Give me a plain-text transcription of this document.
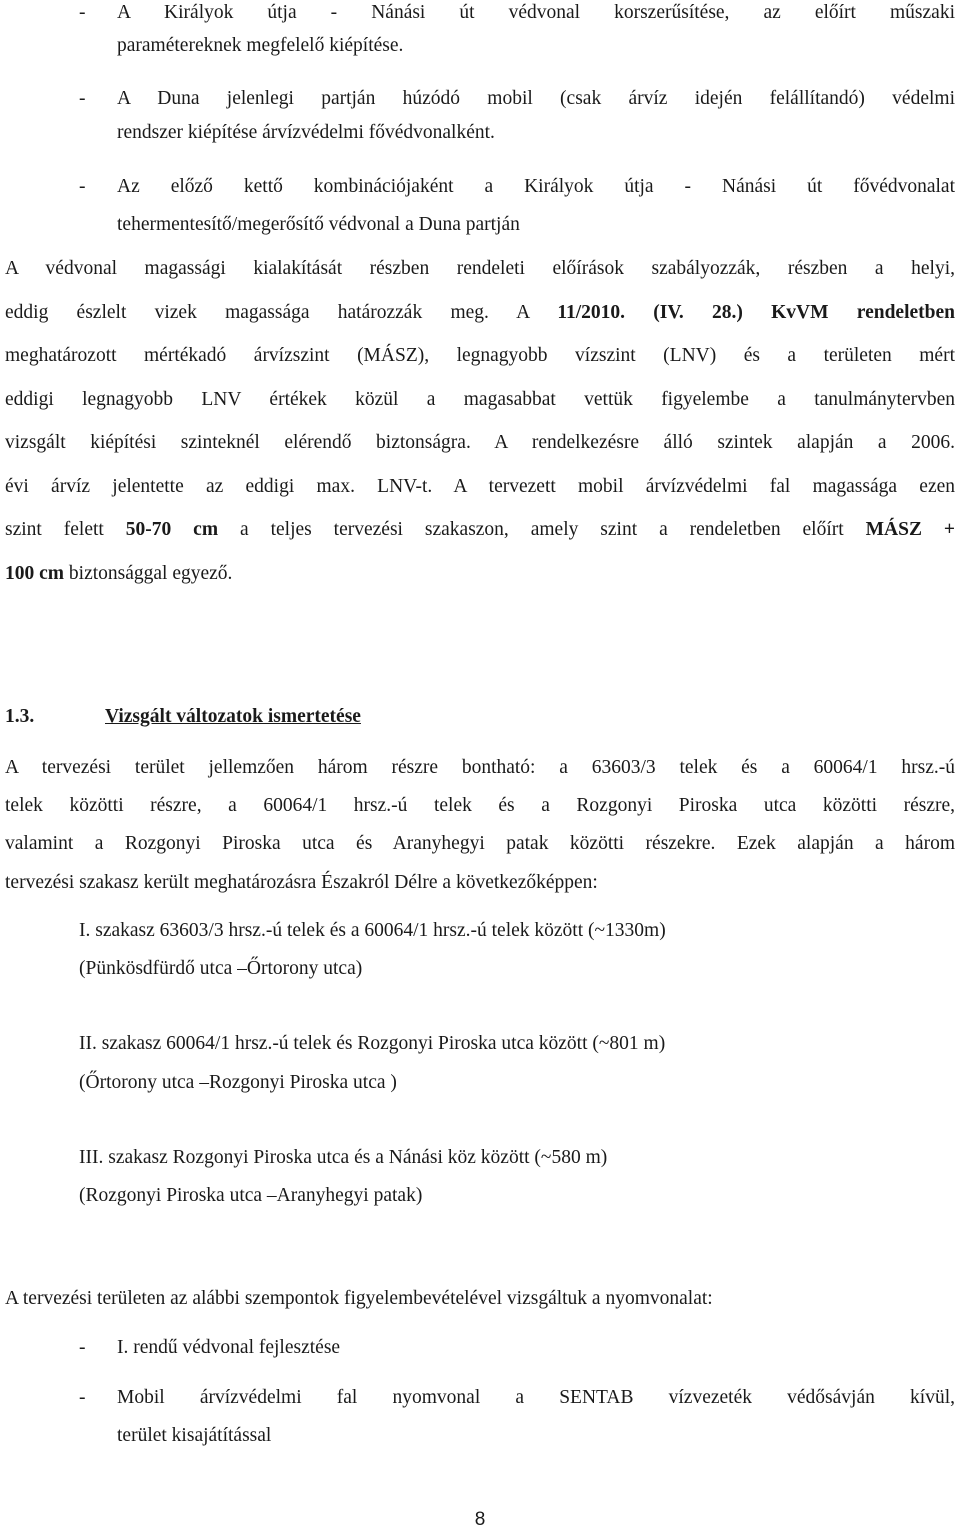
-	A Királyok útja - Nánási út védvonal korszerűsítése, az előírt műszaki
paramétereknek megfelelő kiépítése.
-	A Duna jelenlegi partján húzódó mobil (csak árvíz idején felállítandó) védelmi
rendszer kiépítése árvízvédelmi fővédvonalként.
-	Az előző kettő kombinációjaként a Királyok útja - Nánási út fővédvonalat
tehermentesítő/megerősítő védvonal a Duna partján
A védvonal magassági kialakítását részben rendeleti előírások szabályozzák, részben a helyi,
eddig észlelt vizek magassága határozzák meg. A 11/2010. (IV. 28.) KvVM rendeletben
meghatározott mértékadó árvízszint (MÁSZ), legnagyobb vízszint (LNV) és a területen mért
eddigi legnagyobb LNV értékek közül a magasabbat vettük figyelembe a tanulmánytervben
vizsgált kiépítési szinteknél elérendő biztonságra. A rendelkezésre álló szintek alapján a 2006.
évi árvíz jelentette az eddigi max. LNV-t. A tervezett mobil árvízvédelmi fal magassága ezen
szint felett 50-70 cm a teljes tervezési szakaszon, amely szint a rendeletben előírt MÁSZ +
100 cm biztonsággal egyező.
1.3.	Vizsgált változatok ismertetése
A tervezési terület jellemzően három részre bontható: a 63603/3 telek és a 60064/1 hrsz.-ú
telek közötti részre, a 60064/1 hrsz.-ú telek és a Rozgonyi Piroska utca közötti részre,
valamint a Rozgonyi Piroska utca és Aranyhegyi patak közötti részekre. Ezek alapján a három
tervezési szakasz került meghatározásra Északról Délre a következőképpen:
I. szakasz 63603/3 hrsz.-ú telek és a 60064/1 hrsz.-ú telek között (~1330m)
(Pünkösdfürdő utca –Őrtorony utca)
II. szakasz 60064/1 hrsz.-ú telek és Rozgonyi Piroska utca között (~801 m)
(Őrtorony utca –Rozgonyi Piroska utca )
III. szakasz Rozgonyi Piroska utca és a Nánási köz között (~580 m)
(Rozgonyi Piroska utca –Aranyhegyi patak)
A tervezési területen az alábbi szempontok figyelembevételével vizsgáltuk a nyomvonalat:
-	I. rendű védvonal fejlesztése
-	Mobil árvízvédelmi fal nyomvonal a SENTAB vízvezeték védősávján kívül,
terület kisajátítással
8
